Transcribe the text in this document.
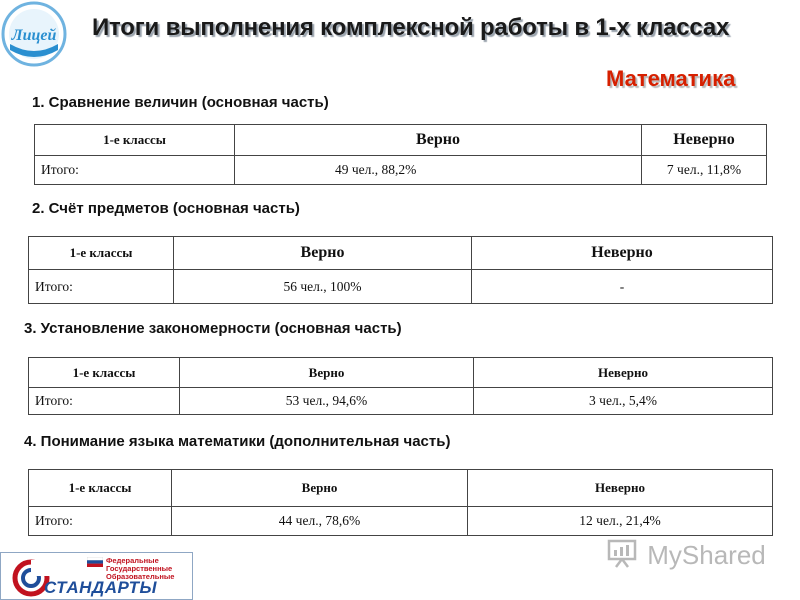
Лицей Итоги выполнения комплексной работы в 1-х классах
Математика
1. Сравнение величин (основная часть)
1-е классы	Верно	Неверно
Итого:	49 чел., 88,2%	7 чел., 11,8%
2. Счёт предметов (основная часть)
1-е классы	Верно	Неверно
Итого:	56 чел., 100%	-
3. Установление закономерности (основная часть)
1-е классы	Верно	Неверно
Итого:	53 чел., 94,6%	3 чел., 5,4%
4. Понимание языка математики (дополнительная часть)
1-е классы	Верно	Неверно
Итого:	44 чел., 78,6%	12 чел., 21,4%
Федеральные
Государственные
Образовательные
СТАНДАРТЫ
MyShared
